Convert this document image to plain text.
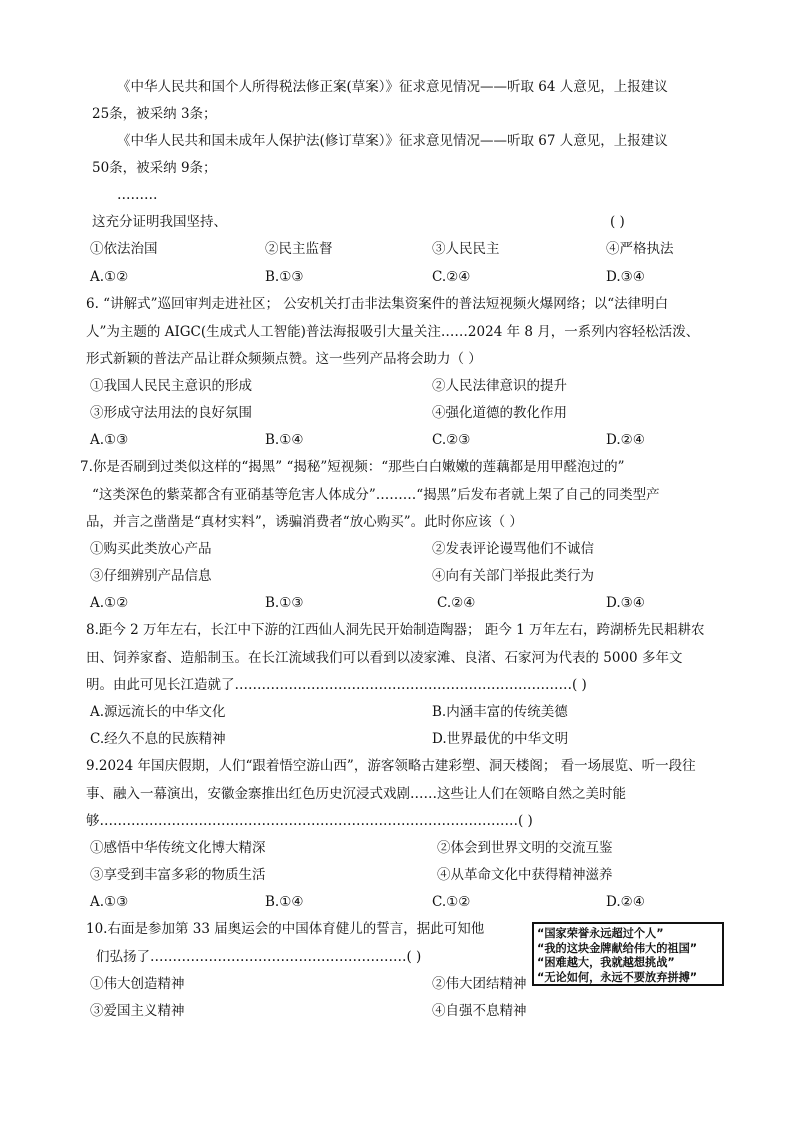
《中华人民共和国个人所得税法修正案(草案）》征求意见情况——听取 64 人意见，上报建议
25条，被采纳 3条；
《中华人民共和国未成年人保护法(修订草案）》征求意见情况——听取 67 人意见，上报建议
50条，被采纳 9条；
………
这充分证明我国坚持、	( )
①依法治国	②民主监督	③人民民主	④严格执法
A.①②	B.①③	C.②④	D.③④
6. “讲解式”巡回审判走进社区； 公安机关打击非法集资案件的普法短视频火爆网络；以“法律明白
人”为主题的 AIGC(生成式人工智能)普法海报吸引大量关注……2024 年 8 月，一系列内容轻松活泼、
形式新颖的普法产品让群众频频点赞。这一些列产品将会助力（ ）
①我国人民民主意识的形成	②人民法律意识的提升
③形成守法用法的良好氛围	④强化道德的教化作用
A.①③	B.①④	C.②③	D.②④
7.你是否刷到过类似这样的“揭黑” “揭秘”短视频：“那些白白嫩嫩的莲藕都是用甲醛泡过的”
“这类深色的紫菜都含有亚硝基等危害人体成分”………“揭黑”后发布者就上架了自己的同类型产
品，并言之凿凿是“真材实料”，诱骗消费者“放心购买”。此时你应该（ ）
①购买此类放心产品	②发表评论谩骂他们不诚信
③仔细辨别产品信息	④向有关部门举报此类行为
A.①②	B.①③	C.②④	D.③④
8.距今 2 万年左右，长江中下游的江西仙人洞先民开始制造陶器； 距今 1 万年左右，跨湖桥先民耜耕农
田、饲养家畜、造船制玉。在长江流域我们可以看到以凌家滩、良渚、石家河为代表的 5000 多年文
明。由此可见长江造就了…………………………………………………………………( )
A.源远流长的中华文化	B.内涵丰富的传统美德
C.经久不息的民族精神	D.世界最优的中华文明
9.2024 年国庆假期，人们“跟着悟空游山西”，游客领略古建彩塑、洞天楼阁； 看一场展览、听一段往
事、融入一幕演出，安徽金寨推出红色历史沉浸式戏剧……这些让人们在领略自然之美时能
够…………………………………………………………………………………( )
①感悟中华传统文化博大精深	②体会到世界文明的交流互鉴
③享受到丰富多彩的物质生活	④从革命文化中获得精神滋养
A.①③	B.①④	C.①②	D.②④
10.右面是参加第 33 届奥运会的中国体育健儿的誓言，据此可知他
们弘扬了…………………………………………………( )
①伟大创造精神	②伟大团结精神
③爱国主义精神	④自强不息精神
“国家荣誉永远超过个人”
“我的这块金牌献给伟大的祖国”
“困难越大，我就越想挑战”
“无论如何，永远不要放弃拼搏”
